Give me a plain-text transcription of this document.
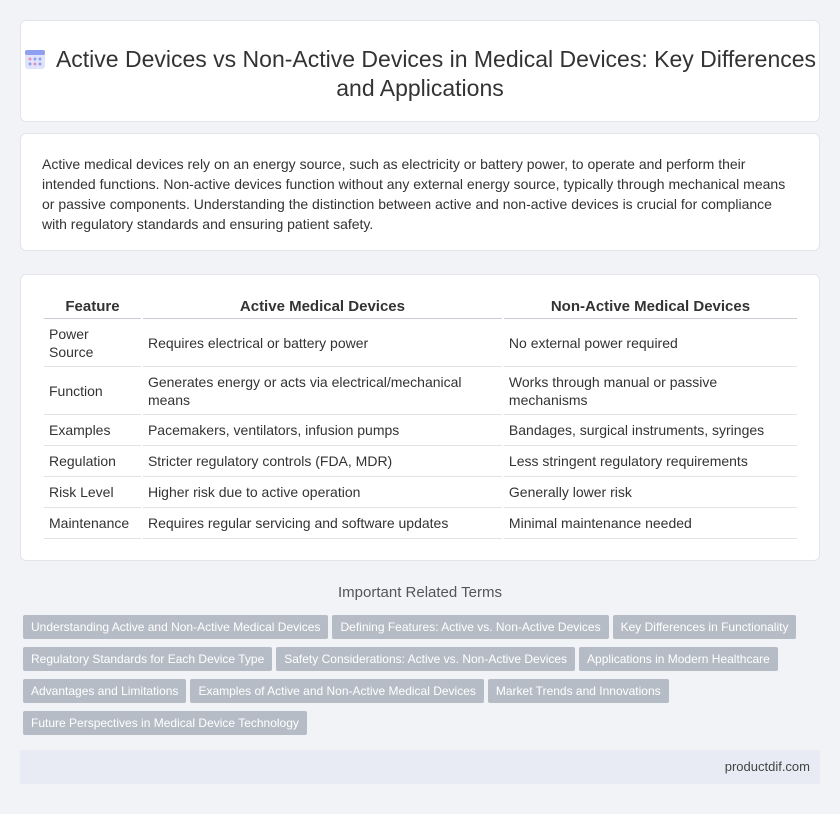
Active Devices vs Non-Active Devices in Medical Devices: Key Differences and Applications

Active medical devices rely on an energy source, such as electricity or battery power, to operate and perform their intended functions. Non-active devices function without any external energy source, typically through mechanical means or passive components. Understanding the distinction between active and non-active devices is crucial for compliance with regulatory standards and ensuring patient safety.

Feature	Active Medical Devices	Non-Active Medical Devices
Power Source	Requires electrical or battery power	No external power required
Function	Generates energy or acts via electrical/mechanical means	Works through manual or passive mechanisms
Examples	Pacemakers, ventilators, infusion pumps	Bandages, surgical instruments, syringes
Regulation	Stricter regulatory controls (FDA, MDR)	Less stringent regulatory requirements
Risk Level	Higher risk due to active operation	Generally lower risk
Maintenance	Requires regular servicing and software updates	Minimal maintenance needed
Important Related Terms
Understanding Active and Non-Active Medical Devices Defining Features: Active vs. Non-Active Devices Key Differences in FunctionalityRegulatory Standards for Each Device Type Safety Considerations: Active vs. Non-Active Devices Applications in Modern HealthcareAdvantages and Limitations Examples of Active and Non-Active Medical Devices Market Trends and InnovationsFuture Perspectives in Medical Device Technology
productdif.com
